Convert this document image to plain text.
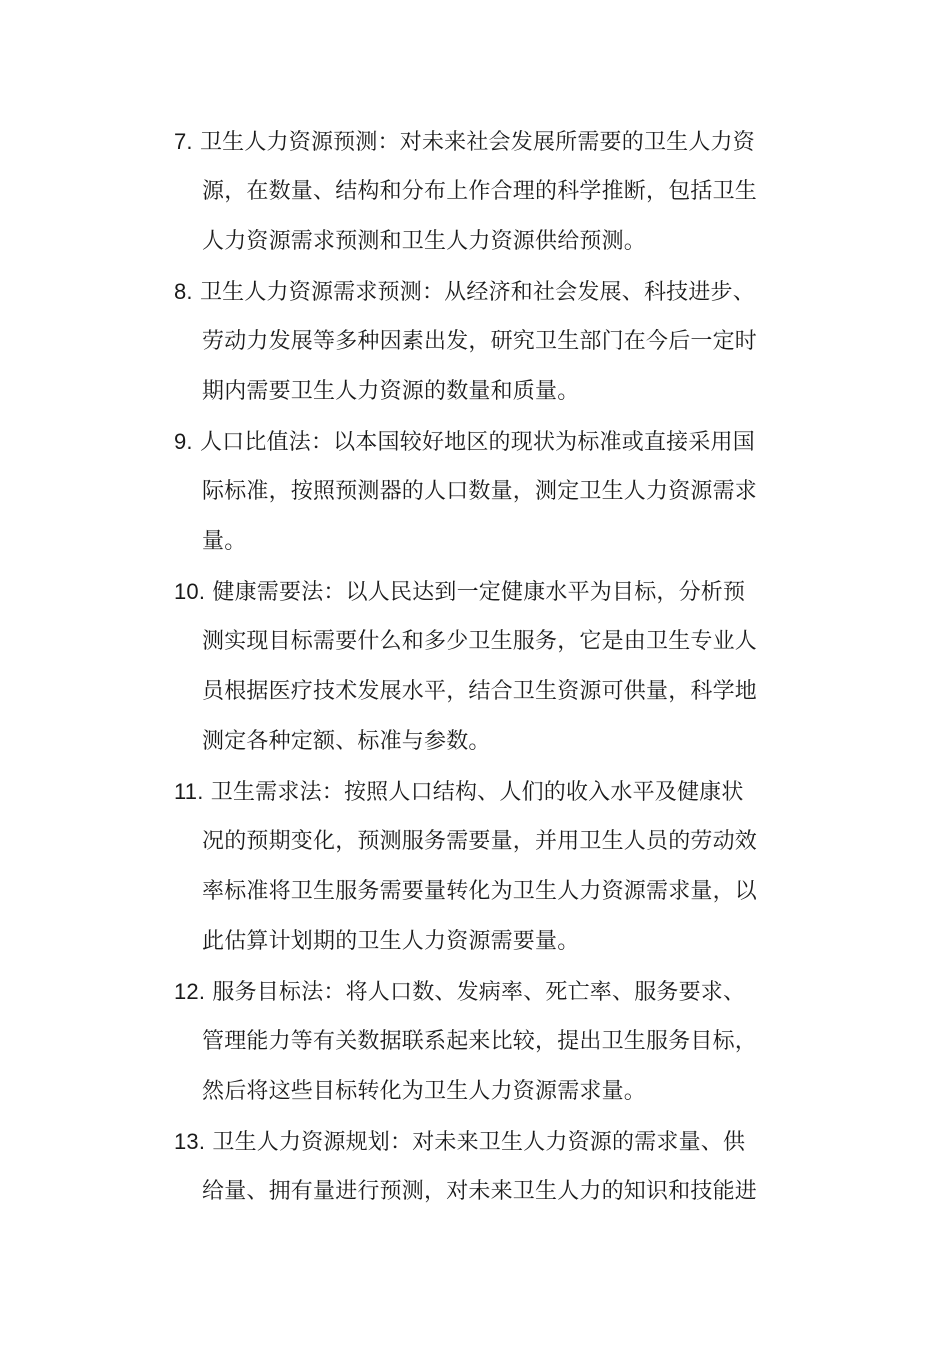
7. 卫生人力资源预测：对未来社会发展所需要的卫生人力资
源，在数量、结构和分布上作合理的科学推断，包括卫生
人力资源需求预测和卫生人力资源供给预测。
8. 卫生人力资源需求预测：从经济和社会发展、科技进步、
劳动力发展等多种因素出发，研究卫生部门在今后一定时
期内需要卫生人力资源的数量和质量。
9. 人口比值法：以本国较好地区的现状为标准或直接采用国
际标准，按照预测器的人口数量，测定卫生人力资源需求
量。
10. 健康需要法：以人民达到一定健康水平为目标，分析预
测实现目标需要什么和多少卫生服务，它是由卫生专业人
员根据医疗技术发展水平，结合卫生资源可供量，科学地
测定各种定额、标准与参数。
11. 卫生需求法：按照人口结构、人们的收入水平及健康状
况的预期变化，预测服务需要量，并用卫生人员的劳动效
率标准将卫生服务需要量转化为卫生人力资源需求量，以
此估算计划期的卫生人力资源需要量。
12. 服务目标法：将人口数、发病率、死亡率、服务要求、
管理能力等有关数据联系起来比较，提出卫生服务目标，
然后将这些目标转化为卫生人力资源需求量。
13. 卫生人力资源规划：对未来卫生人力资源的需求量、供
给量、拥有量进行预测，对未来卫生人力的知识和技能进
